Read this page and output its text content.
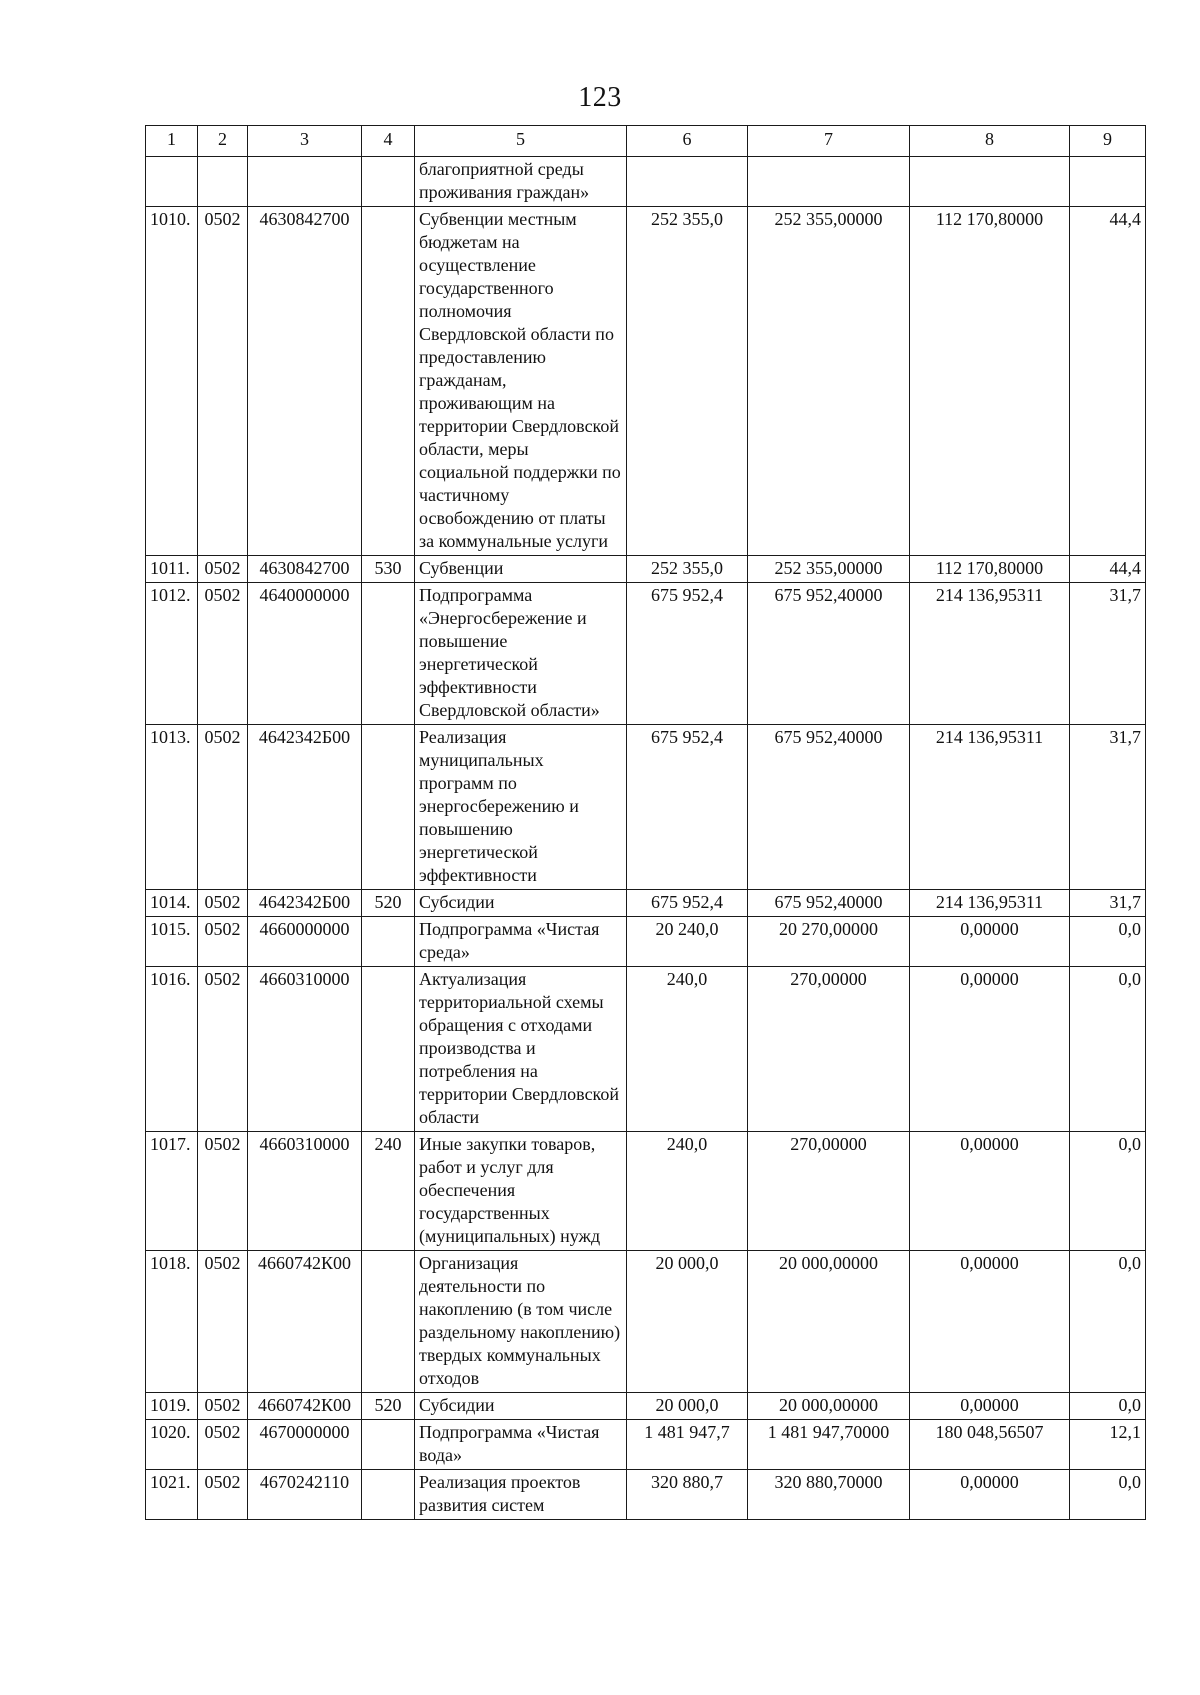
123
1	2	3	4	5	6	7	8	9
				благоприятной среды проживания граждан»				
1010.	0502	4630842700		Субвенции местным бюджетам на осуществление государственного полномочия Свердловской области по предоставлению гражданам, проживающим на территории Свердловской области, меры социальной поддержки по частичному освобождению от платы за коммунальные услуги	252 355,0	252 355,00000	112 170,80000	44,4
1011.	0502	4630842700	530	Субвенции	252 355,0	252 355,00000	112 170,80000	44,4
1012.	0502	4640000000		Подпрограмма «Энергосбережение и повышение энергетической эффективности Свердловской области»	675 952,4	675 952,40000	214 136,95311	31,7
1013.	0502	4642342Б00		Реализация муниципальных программ по энергосбережению и повышению энергетической эффективности	675 952,4	675 952,40000	214 136,95311	31,7
1014.	0502	4642342Б00	520	Субсидии	675 952,4	675 952,40000	214 136,95311	31,7
1015.	0502	4660000000		Подпрограмма «Чистая среда»	20 240,0	20 270,00000	0,00000	0,0
1016.	0502	4660310000		Актуализация территориальной схемы обращения с отходами производства и потребления на территории Свердловской области	240,0	270,00000	0,00000	0,0
1017.	0502	4660310000	240	Иные закупки товаров, работ и услуг для обеспечения государственных (муниципальных) нужд	240,0	270,00000	0,00000	0,0
1018.	0502	4660742К00		Организация деятельности по накоплению (в том числе раздельному накоплению) твердых коммунальных отходов	20 000,0	20 000,00000	0,00000	0,0
1019.	0502	4660742К00	520	Субсидии	20 000,0	20 000,00000	0,00000	0,0
1020.	0502	4670000000		Подпрограмма «Чистая вода»	1 481 947,7	1 481 947,70000	180 048,56507	12,1
1021.	0502	4670242110		Реализация проектов развития систем	320 880,7	320 880,70000	0,00000	0,0
